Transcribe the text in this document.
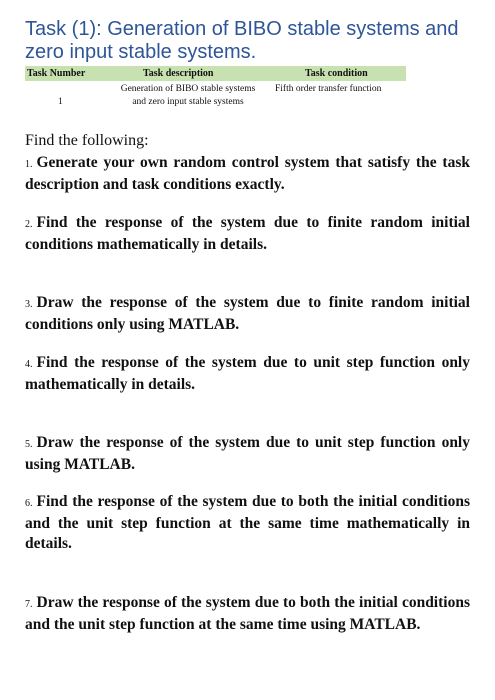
Task (1): Generation of BIBO stable systems and zero input stable systems.
Task Number	Task description	Task condition
1
Generation of BIBO stable systems
and zero input stable systems
Fifth order transfer function
Find the following:
1. Generate your own random control system that satisfy the task description and task conditions exactly.
2. Find the response of the system due to finite random initial conditions mathematically in details.
3. Draw the response of the system due to finite random initial conditions only using MATLAB.
4. Find the response of the system due to unit step function only mathematically in details.
5. Draw the response of the system due to unit step function only using MATLAB.
6. Find the response of the system due to both the initial conditions and the unit step function at the same time mathematically in details.
7. Draw the response of the system due to both the initial conditions and the unit step function at the same time using MATLAB.
